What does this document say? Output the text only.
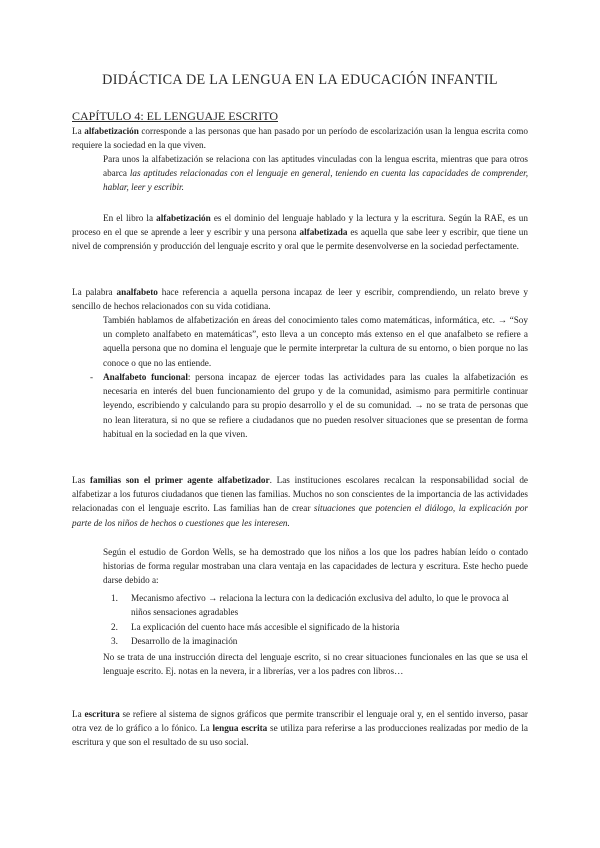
DIDÁCTICA DE LA LENGUA EN LA EDUCACIÓN INFANTIL
CAPÍTULO 4: EL LENGUAJE ESCRITO
La alfabetización corresponde a las personas que han pasado por un período de escolarización usan la lengua escrita como requiere la sociedad en la que viven.
Para unos la alfabetización se relaciona con las aptitudes vinculadas con la lengua escrita, mientras que para otros abarca las aptitudes relacionadas con el lenguaje en general, teniendo en cuenta las capacidades de comprender, hablar, leer y escribir.
En el libro la alfabetización es el dominio del lenguaje hablado y la lectura y la escritura. Según la RAE, es un proceso en el que se aprende a leer y escribir y una persona alfabetizada es aquella que sabe leer y escribir, que tiene un nivel de comprensión y producción del lenguaje escrito y oral que le permite desenvolverse en la sociedad perfectamente.
La palabra analfabeto hace referencia a aquella persona incapaz de leer y escribir, comprendiendo, un relato breve y sencillo de hechos relacionados con su vida cotidiana.
También hablamos de alfabetización en áreas del conocimiento tales como matemáticas, informática, etc. → “Soy un completo analfabeto en matemáticas”, esto lleva a un concepto más extenso en el que anafalbeto se refiere a aquella persona que no domina el lenguaje que le permite interpretar la cultura de su entorno, o bien porque no las conoce o que no las entiende.
- Analfabeto funcional: persona incapaz de ejercer todas las actividades para las cuales la alfabetización es necesaria en interés del buen funcionamiento del grupo y de la comunidad, asimismo para permitirle continuar leyendo, escribiendo y calculando para su propio desarrollo y el de su comunidad. → no se trata de personas que no lean literatura, si no que se refiere a ciudadanos que no pueden resolver situaciones que se presentan de forma habitual en la sociedad en la que viven.
Las familias son el primer agente alfabetizador. Las instituciones escolares recalcan la responsabilidad social de alfabetizar a los futuros ciudadanos que tienen las familias. Muchos no son conscientes de la importancia de las actividades relacionadas con el lenguaje escrito. Las familias han de crear situaciones que potencien el diálogo, la explicación por parte de los niños de hechos o cuestiones que les interesen.
Según el estudio de Gordon Wells, se ha demostrado que los niños a los que los padres habían leído o contado historias de forma regular mostraban una clara ventaja en las capacidades de lectura y escritura. Este hecho puede darse debido a:
1. Mecanismo afectivo → relaciona la lectura con la dedicación exclusiva del adulto, lo que le provoca al niños sensaciones agradables
2. La explicación del cuento hace más accesible el significado de la historia
3. Desarrollo de la imaginación
No se trata de una instrucción directa del lenguaje escrito, si no crear situaciones funcionales en las que se usa el lenguaje escrito. Ej. notas en la nevera, ir a librerías, ver a los padres con libros…
La escritura se refiere al sistema de signos gráficos que permite transcribir el lenguaje oral y, en el sentido inverso, pasar otra vez de lo gráfico a lo fónico. La lengua escrita se utiliza para referirse a las producciones realizadas por medio de la escritura y que son el resultado de su uso social.
